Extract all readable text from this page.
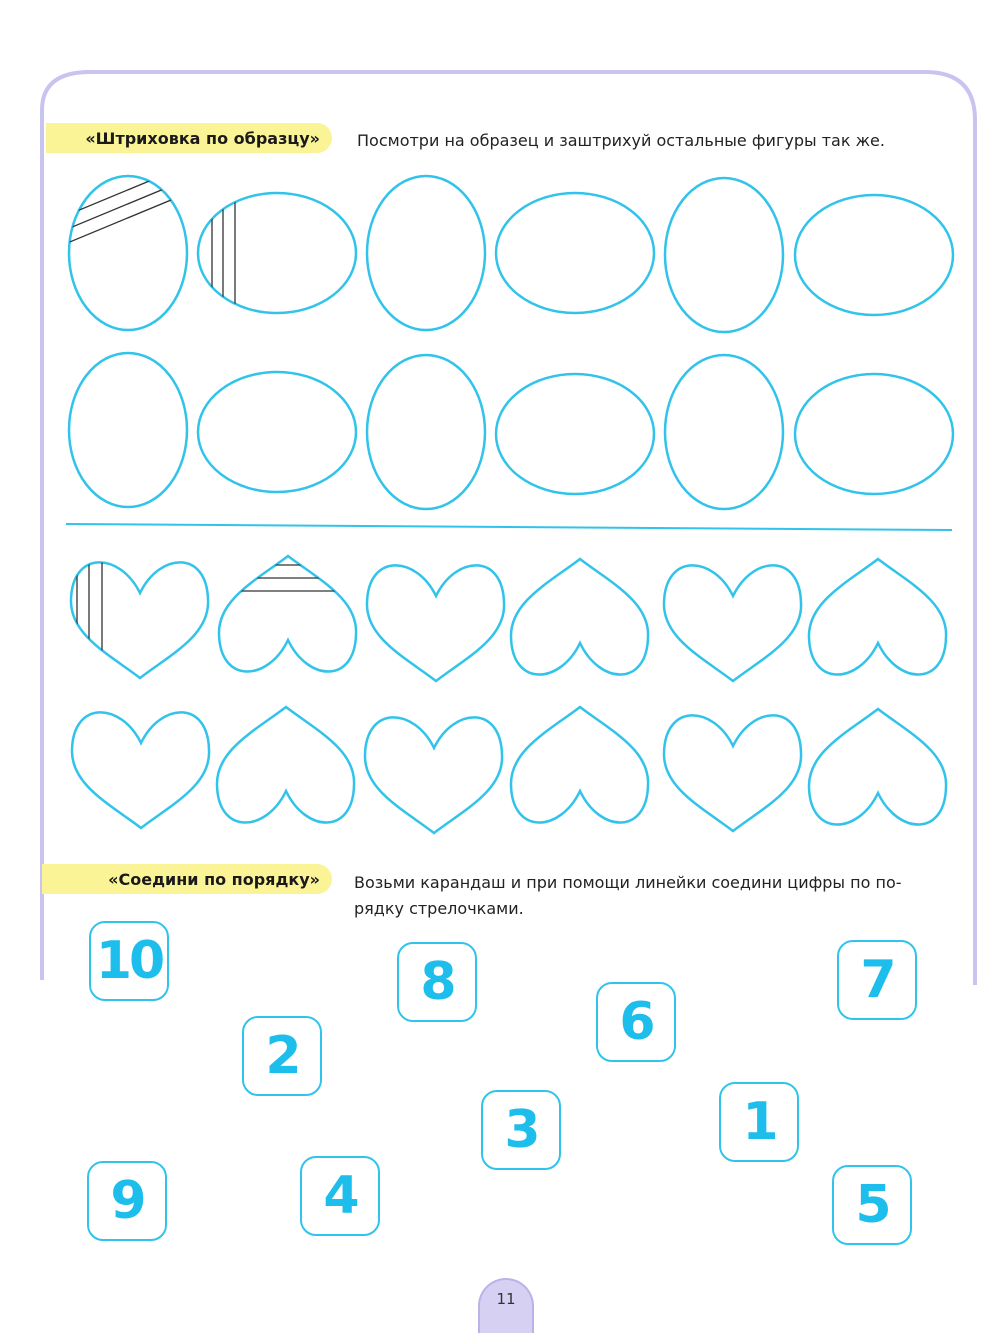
«Штриховка по образцу»	Посмотри на образец и заштрихуй остальные фигуры так же.
«Соедини по порядку»	Возьми карандаш и при помощи линейки соедини цифры по по-рядку стрелочками.
10	8	7
6
2
3	1
9	4	5
11
